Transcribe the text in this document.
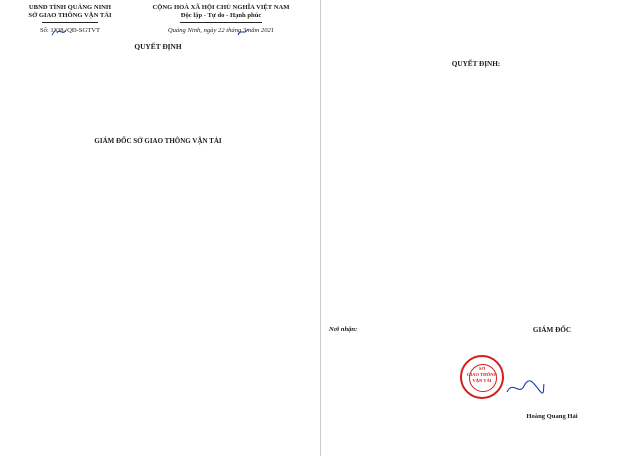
UBND TỈNH QUẢNG NINH
SỞ GIAO THÔNG VẬN TẢI
Số: 1338 /QĐ-SGTVT
CỘNG HOÀ XÃ HỘI CHỦ NGHĨA VIỆT NAM
Độc lập - Tự do - Hạnh phúc
Quảng Ninh, ngày 22 tháng 3 năm 2021
QUYẾT ĐỊNH
GIÁM ĐỐC SỞ GIAO THÔNG VẬN TẢI
QUYẾT ĐỊNH:
Nơi nhận:	GIÁM ĐỐC
Hoàng Quang Hải
SỞ
GIAO THÔNG
VẬN TẢI
